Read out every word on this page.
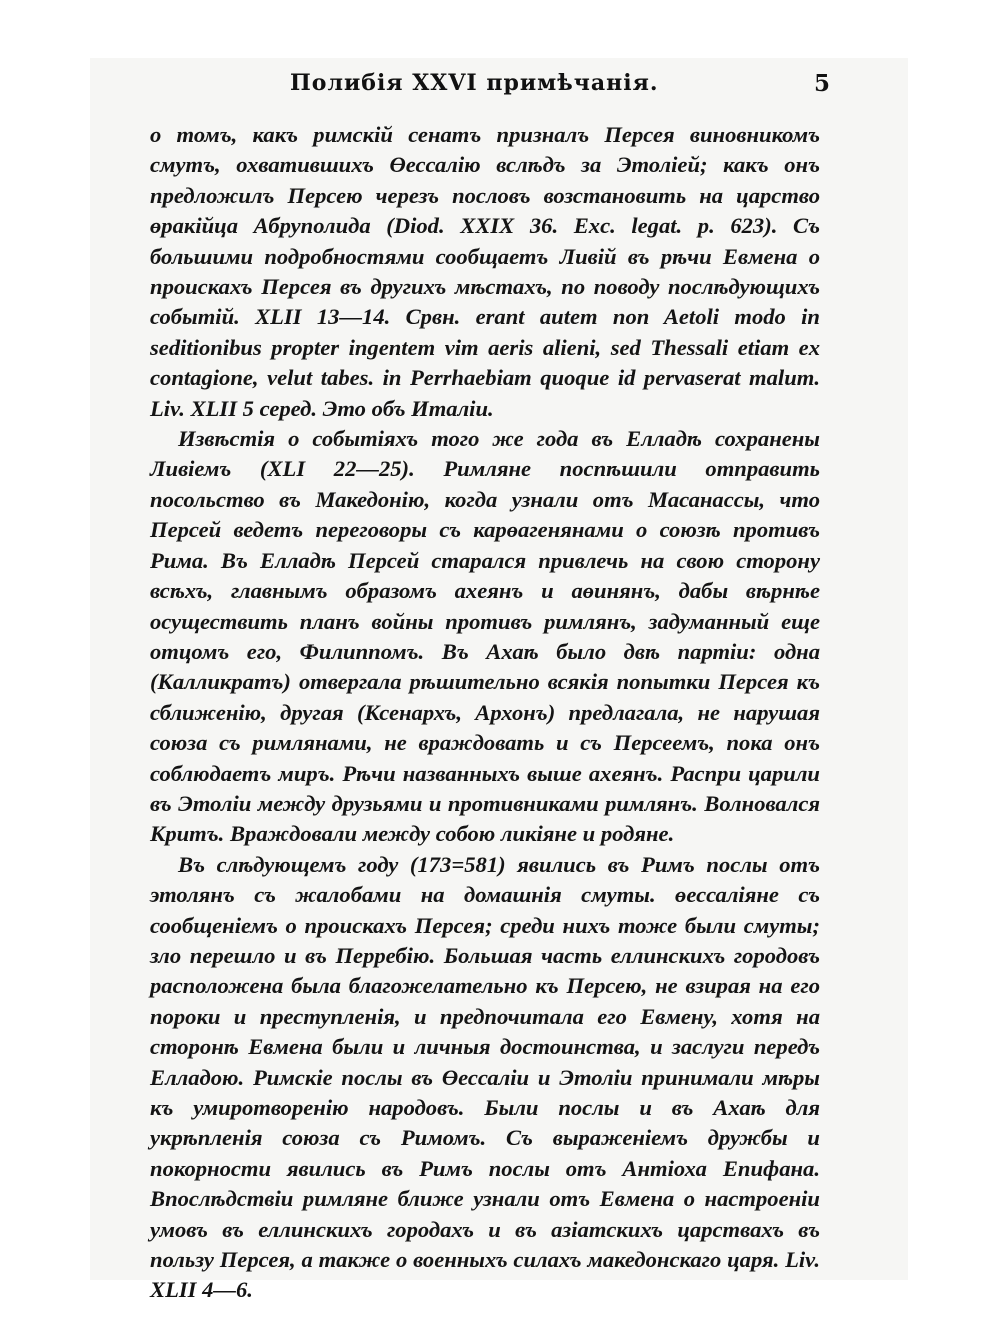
Полибія XXVI примѣчанія.	5

о томъ, какъ римскій сенатъ призналъ Персея виновникомъ смутъ, охватившихъ Өессалію вслѣдъ за Этоліей; какъ онъ предложилъ Персею черезъ пословъ возстановить на царство өракійца Абруполида (Diod. XXIX 36. Exc. legat. p. 623). Съ большими подробностями сообщаетъ Ливій въ рѣчи Евмена о проискахъ Персея въ другихъ мѣстахъ, по поводу послѣдующихъ событій. XLII 13—14. Срвн. erant autem non Aetoli modo in seditionibus propter ingentem vim aeris alieni, sed Thessali etiam ex contagione, velut tabes. in Perrhaebiam quoque id pervaserat malum. Liv. XLII 5 серед. Это объ Италіи.

Извѣстія о событіяхъ того же года въ Елладѣ сохранены Ливіемъ (XLI 22—25). Римляне поспѣшили отправить посольство въ Македонію, когда узнали отъ Масанассы, что Персей ведетъ переговоры съ карөагенянами о союзѣ противъ Рима. Въ Елладѣ Персей старался привлечь на свою сторону всѣхъ, главнымъ образомъ ахеянъ и аөинянъ, дабы вѣрнѣе осуществить планъ войны противъ римлянъ, задуманный еще отцомъ его, Филиппомъ. Въ Ахаѣ было двѣ партіи: одна (Калликратъ) отвергала рѣшительно всякія попытки Персея къ сближенію, другая (Ксенархъ, Архонъ) предлагала, не нарушая союза съ римлянами, не враждовать и съ Персеемъ, пока онъ соблюдаетъ миръ. Рѣчи названныхъ выше ахеянъ. Распри царили въ Этоліи между друзьями и противниками римлянъ. Волновался Критъ. Враждовали между собою ликіяне и родяне.

Въ слѣдующемъ году (173=581) явились въ Римъ послы отъ этолянъ съ жалобами на домашнія смуты. өессаліяне съ сообщеніемъ о проискахъ Персея; среди нихъ тоже были смуты; зло перешло и въ Перребію. Большая часть еллинскихъ городовъ расположена была благожелательно къ Персею, не взирая на его пороки и преступленія, и предпочитала его Евмену, хотя на сторонѣ Евмена были и личныя достоинства, и заслуги передъ Елладою. Римскіе послы въ Өессаліи и Этоліи принимали мѣры къ умиротворенію народовъ. Были послы и въ Ахаѣ для укрѣпленія союза съ Римомъ. Съ выраженіемъ дружбы и покорности явились въ Римъ послы отъ Антіоха Епифана. Впослѣдствіи римляне ближе узнали отъ Евмена о настроеніи умовъ въ еллинскихъ городахъ и въ азіатскихъ царствахъ въ пользу Персея, а также о военныхъ силахъ македонскаго царя. Liv. XLII 4—6.
